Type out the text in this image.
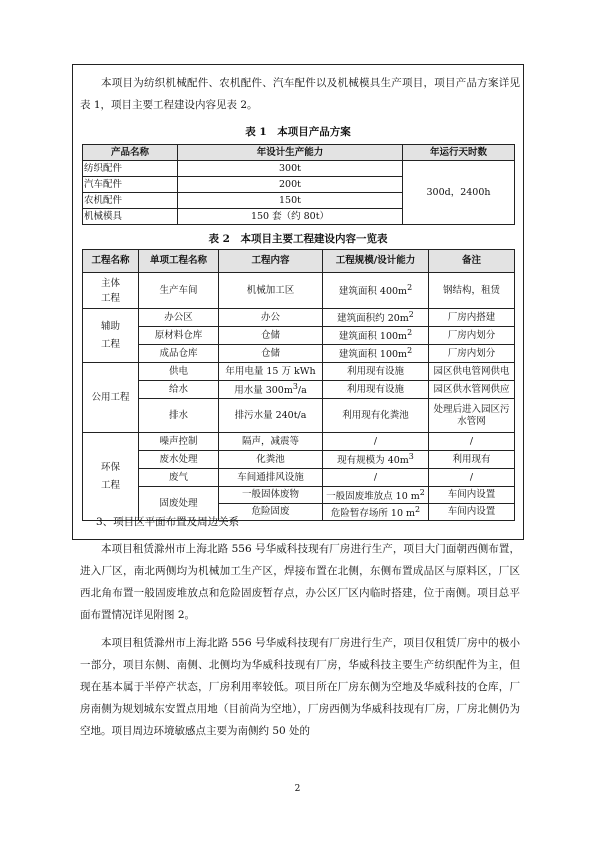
本项目为纺织机械配件、农机配件、汽车配件以及机械模具生产项目，项目产品方案详见表 1，项目主要工程建设内容见表 2。

表 1　本项目产品方案
产品名称	年设计生产能力	年运行天时数
纺织配件	300t	300d，2400h
汽车配件	200t	
农机配件	150t	
机械模具	150 套（约 80t）	
表 2　本项目主要工程建设内容一览表
工程名称	单项工程名称	工程内容	工程规模/设计能力	备注
主体
工程	生产车间	机械加工区	建筑面积 $400m^2$	钢结构，租赁
辅助
工程	办公区	办公	建筑面积约 $20m^2$	厂房内搭建
	原材料仓库	仓储	建筑面积 $100m^2$	厂房内划分
	成品仓库	仓储	建筑面积 $100m^2$	厂房内划分
公用工程	供电	年用电量 15 万 kWh	利用现有设施	园区供电管网供电
	给水	用水量 $300m^3/a$	利用现有设施	园区供水管网供应
	排水	排污水量 240t/a	利用现有化粪池	处理后进入园区污水管网
环保
工程	噪声控制	隔声，减震等	/	/
	废水处理	化粪池	现有规模为 $40m^3$	利用现有
	废气	车间通排风设施	/	/
	固废处理	一般固体废物	一般固废堆放点 10 $m^2$	车间内设置
		危险固废	危险暂存场所 10 $m^2$	车间内设置
3、项目区平面布置及周边关系

本项目租赁滁州市上海北路 556 号华威科技现有厂房进行生产，项目大门面朝西侧布置，进入厂区，南北两侧均为机械加工生产区，焊接布置在北侧，东侧布置成品区与原料区，厂区西北角布置一般固废堆放点和危险固废暂存点，办公区厂区内临时搭建，位于南侧。项目总平面布置情况详见附图 2。

本项目租赁滁州市上海北路 556 号华威科技现有厂房进行生产，项目仅租赁厂房中的极小一部分，项目东侧、南侧、北侧均为华威科技现有厂房，华威科技主要生产纺织配件为主，但现在基本属于半停产状态，厂房利用率较低。项目所在厂房东侧为空地及华威科技的仓库，厂房南侧为规划城东安置点用地（目前尚为空地），厂房西侧为华威科技现有厂房，厂房北侧仍为空地。项目周边环境敏感点主要为南侧约 50 处的

2
